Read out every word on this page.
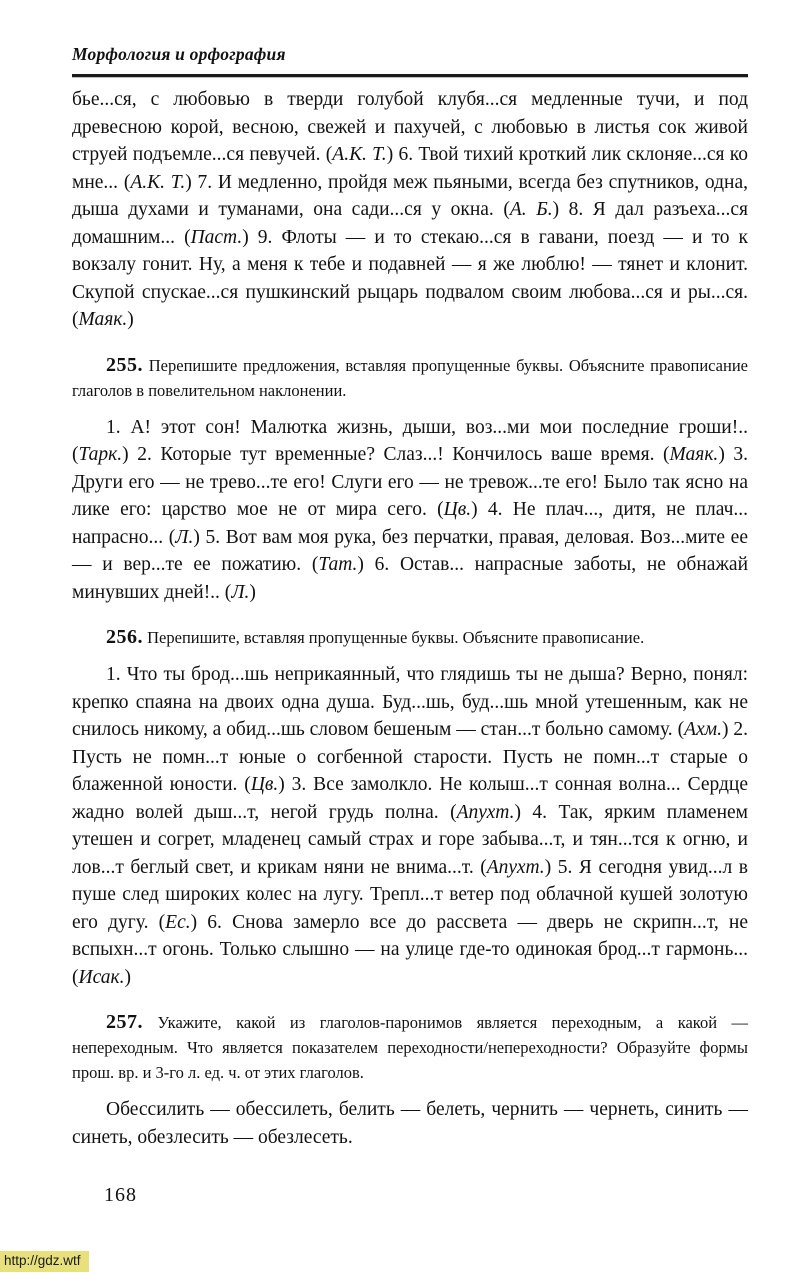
Морфология и орфография

бье...ся, с любовью в тверди голубой клубя...ся медленные тучи, и под древесною корой, весною, свежей и пахучей, с любовью в листья сок живой струей подъемле...ся певучей. (А.К. Т.) 6. Твой тихий кроткий лик склоняе...ся ко мне... (А.К. Т.) 7. И медленно, пройдя меж пьяными, всегда без спутников, одна, дыша духами и туманами, она сади...ся у окна. (А. Б.) 8. Я дал разъеха...ся домашним... (Паст.) 9. Флоты — и то стекаю...ся в гавани, поезд — и то к вокзалу гонит. Ну, а меня к тебе и подавней — я же люблю! — тянет и клонит. Скупой спускае...ся пушкинский рыцарь подвалом своим любова...ся и ры...ся. (Маяк.)

255. Перепишите предложения, вставляя пропущенные буквы. Объясните правописание глаголов в повелительном наклонении.

1. А! этот сон! Малютка жизнь, дыши, воз...ми мои последние гроши!.. (Тарк.) 2. Которые тут временные? Слаз...! Кончилось ваше время. (Маяк.) 3. Други его — не трево...те его! Слуги его — не тревож...те его! Было так ясно на лике его: царство мое не от мира сего. (Цв.) 4. Не плач..., дитя, не плач... напрасно... (Л.) 5. Вот вам моя рука, без перчатки, правая, деловая. Воз...мите ее — и вер...те ее пожатию. (Тат.) 6. Остав... напрасные заботы, не обнажай минувших дней!.. (Л.)

256. Перепишите, вставляя пропущенные буквы. Объясните правописание.

1. Что ты брод...шь неприкаянный, что глядишь ты не дыша? Верно, понял: крепко спаяна на двоих одна душа. Буд...шь, буд...шь мной утешенным, как не снилось никому, а обид...шь словом бешеным — стан...т больно самому. (Ахм.) 2. Пусть не помн...т юные о согбенной старости. Пусть не помн...т старые о блаженной юности. (Цв.) 3. Все замолкло. Не колыш...т сонная волна... Сердце жадно волей дыш...т, негой грудь полна. (Апухт.) 4. Так, ярким пламенем утешен и согрет, младенец самый страх и горе забыва...т, и тян...тся к огню, и лов...т беглый свет, и крикам няни не внима...т. (Апухт.) 5. Я сегодня увид...л в пуше след широких колес на лугу. Трепл...т ветер под облачной кушей золотую его дугу. (Ес.) 6. Снова замерло все до рассвета — дверь не скрипн...т, не вспыхн...т огонь. Только слышно — на улице где-то одинокая брод...т гармонь... (Исак.)

257. Укажите, какой из глаголов-паронимов является переходным, а какой — непереходным. Что является показателем переходности/непереходности? Образуйте формы прош. вр. и 3-го л. ед. ч. от этих глаголов.

Обессилить — обессилеть, белить — белеть, чернить — чернеть, синить — синеть, обезлесить — обезлесеть.

168
http://gdz.wtf
